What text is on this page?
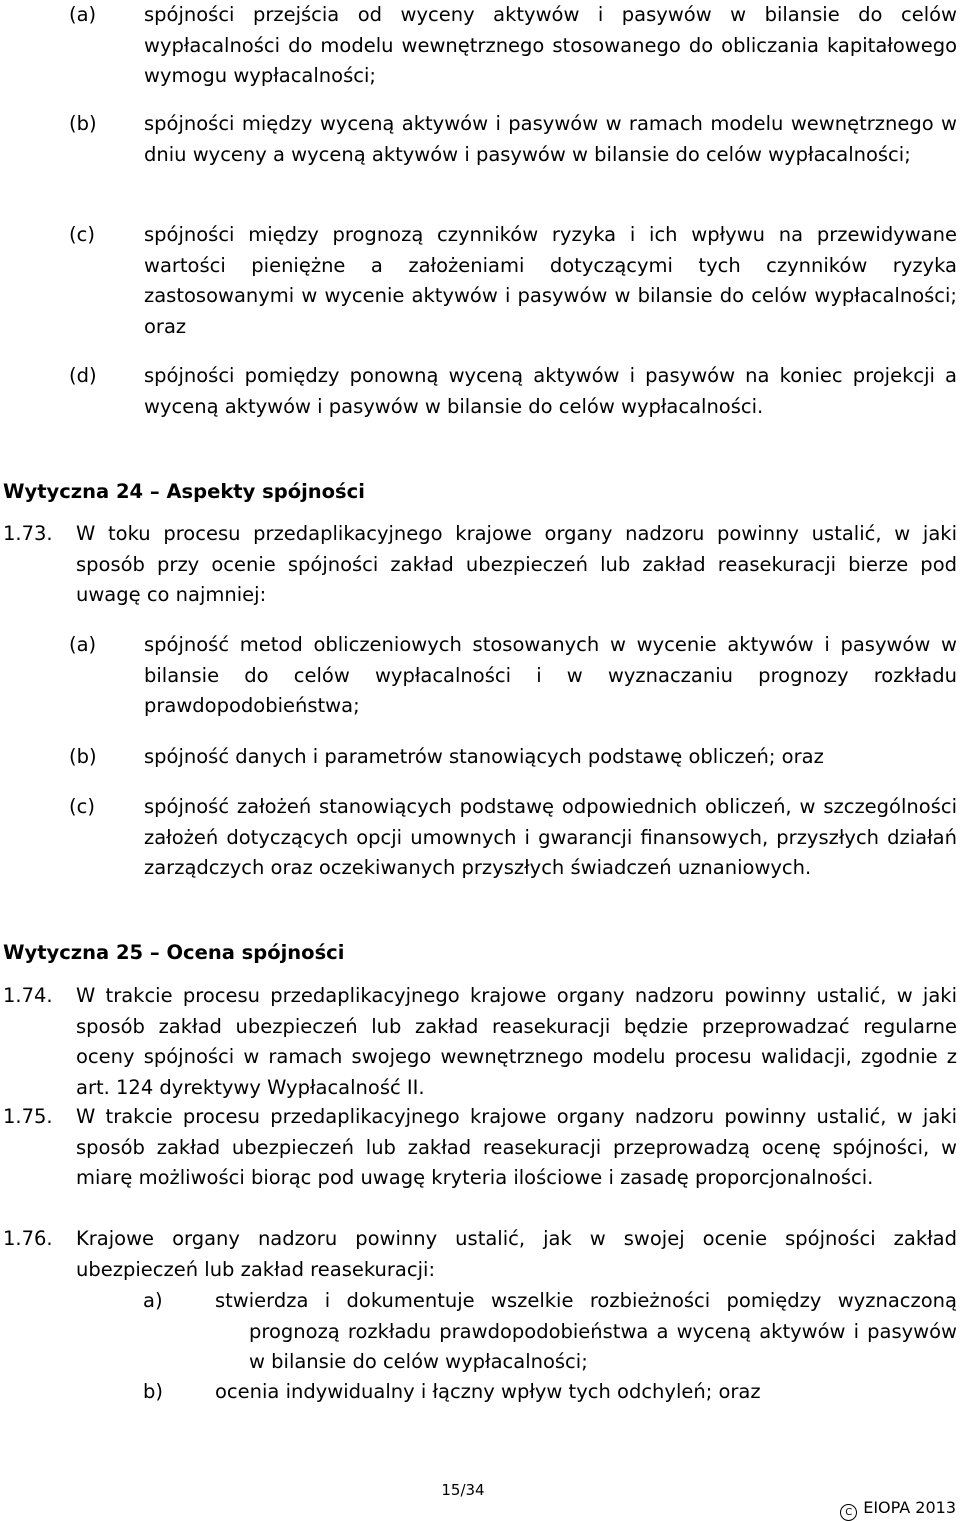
(a) spójności przejścia od wyceny aktywów i pasywów w bilansie do celów wypłacalności do modelu wewnętrznego stosowanego do obliczania kapitałowego wymogu wypłacalności;
(b) spójności między wyceną aktywów i pasywów w ramach modelu wewnętrznego w dniu wyceny a wyceną aktywów i pasywów w bilansie do celów wypłacalności;
(c)	spójności między prognozą czynników ryzyka i ich wpływu na przewidywane wartości pieniężne a założeniami dotyczącymi tych czynników ryzyka zastosowanymi w wycenie aktywów i pasywów w bilansie do celów wypłacalności; oraz
(d) spójności pomiędzy ponowną wyceną aktywów i pasywów na koniec projekcji a wyceną aktywów i pasywów w bilansie do celów wypłacalności.
Wytyczna 24 – Aspekty spójności
1.73. W toku procesu przedaplikacyjnego krajowe organy nadzoru powinny ustalić, w jaki sposób przy ocenie spójności zakład ubezpieczeń lub zakład reasekuracji bierze pod uwagę co najmniej:
(a) spójność metod obliczeniowych stosowanych w wycenie aktywów i pasywów w bilansie do celów wypłacalności i w wyznaczaniu prognozy rozkładu prawdopodobieństwa;
(b) spójność danych i parametrów stanowiących podstawę obliczeń; oraz
(c)	spójność założeń stanowiących podstawę odpowiednich obliczeń, w szczególności założeń dotyczących opcji umownych i gwarancji finansowych, przyszłych działań zarządczych oraz oczekiwanych przyszłych świadczeń uznaniowych.
Wytyczna 25 – Ocena spójności
1.74. W trakcie procesu przedaplikacyjnego krajowe organy nadzoru powinny ustalić, w jaki sposób zakład ubezpieczeń lub zakład reasekuracji będzie przeprowadzać regularne oceny spójności w ramach swojego wewnętrznego modelu procesu walidacji, zgodnie z art. 124 dyrektywy Wypłacalność II.
1.75. W trakcie procesu przedaplikacyjnego krajowe organy nadzoru powinny ustalić, w jaki sposób zakład ubezpieczeń lub zakład reasekuracji przeprowadzą ocenę spójności, w miarę możliwości biorąc pod uwagę kryteria ilościowe i zasadę proporcjonalności.
1.76. Krajowe organy nadzoru powinny ustalić, jak w swojej ocenie spójności zakład ubezpieczeń lub zakład reasekuracji:
a)	stwierdza i dokumentuje wszelkie rozbieżności pomiędzy wyznaczoną prognozą rozkładu prawdopodobieństwa a wyceną aktywów i pasywów w bilansie do celów wypłacalności;
b)	ocenia indywidualny i łączny wpływ tych odchyleń; oraz
15/34
C EIOPA 2013
